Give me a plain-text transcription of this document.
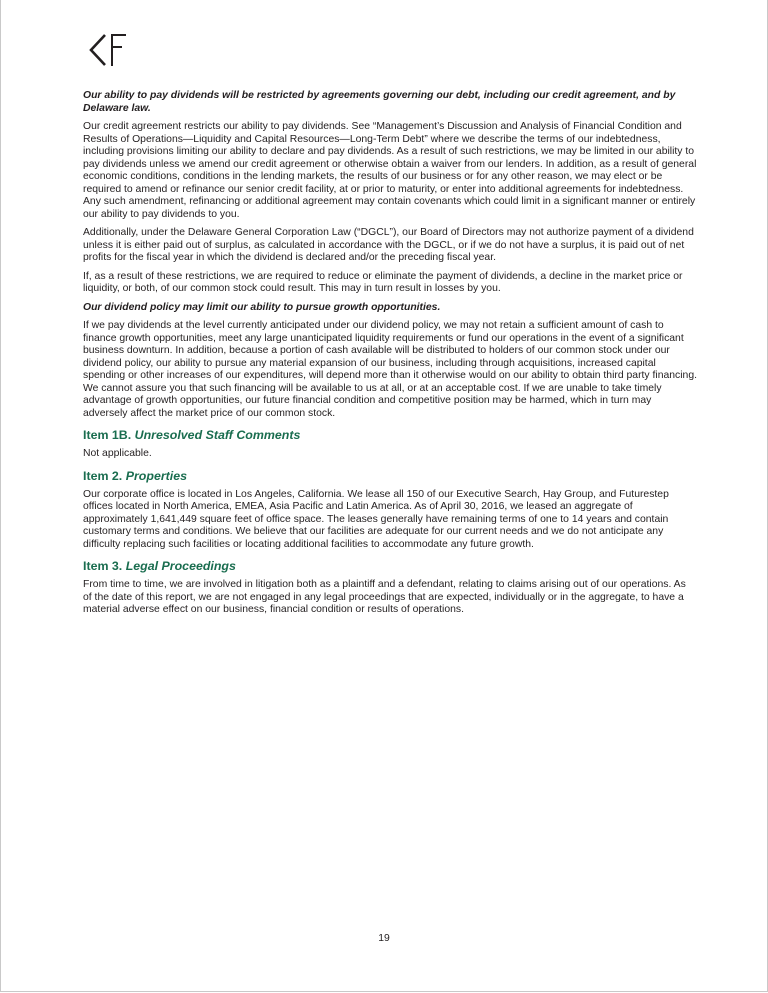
Our ability to pay dividends will be restricted by agreements governing our debt, including our credit agreement, and by Delaware law.

Our credit agreement restricts our ability to pay dividends. See “Management’s Discussion and Analysis of Financial Condition and Results of Operations—Liquidity and Capital Resources—Long-Term Debt” where we describe the terms of our indebtedness, including provisions limiting our ability to declare and pay dividends. As a result of such restrictions, we may be limited in our ability to pay dividends unless we amend our credit agreement or otherwise obtain a waiver from our lenders. In addition, as a result of general economic conditions, conditions in the lending markets, the results of our business or for any other reason, we may elect or be required to amend or refinance our senior credit facility, at or prior to maturity, or enter into additional agreements for indebtedness. Any such amendment, refinancing or additional agreement may contain covenants which could limit in a significant manner or entirely our ability to pay dividends to you.

Additionally, under the Delaware General Corporation Law (“DGCL”), our Board of Directors may not authorize payment of a dividend unless it is either paid out of surplus, as calculated in accordance with the DGCL, or if we do not have a surplus, it is paid out of net profits for the fiscal year in which the dividend is declared and/or the preceding fiscal year.

If, as a result of these restrictions, we are required to reduce or eliminate the payment of dividends, a decline in the market price or liquidity, or both, of our common stock could result. This may in turn result in losses by you.

Our dividend policy may limit our ability to pursue growth opportunities.

If we pay dividends at the level currently anticipated under our dividend policy, we may not retain a sufficient amount of cash to finance growth opportunities, meet any large unanticipated liquidity requirements or fund our operations in the event of a significant business downturn. In addition, because a portion of cash available will be distributed to holders of our common stock under our dividend policy, our ability to pursue any material expansion of our business, including through acquisitions, increased capital spending or other increases of our expenditures, will depend more than it otherwise would on our ability to obtain third party financing. We cannot assure you that such financing will be available to us at all, or at an acceptable cost. If we are unable to take timely advantage of growth opportunities, our future financial condition and competitive position may be harmed, which in turn may adversely affect the market price of our common stock.

Item 1B. Unresolved Staff Comments

Not applicable.

Item 2. Properties

Our corporate office is located in Los Angeles, California. We lease all 150 of our Executive Search, Hay Group, and Futurestep offices located in North America, EMEA, Asia Pacific and Latin America. As of April 30, 2016, we leased an aggregate of approximately 1,641,449 square feet of office space. The leases generally have remaining terms of one to 14 years and contain customary terms and conditions. We believe that our facilities are adequate for our current needs and we do not anticipate any difficulty replacing such facilities or locating additional facilities to accommodate any future growth.

Item 3. Legal Proceedings

From time to time, we are involved in litigation both as a plaintiff and a defendant, relating to claims arising out of our operations. As of the date of this report, we are not engaged in any legal proceedings that are expected, individually or in the aggregate, to have a material adverse effect on our business, financial condition or results of operations.

19
